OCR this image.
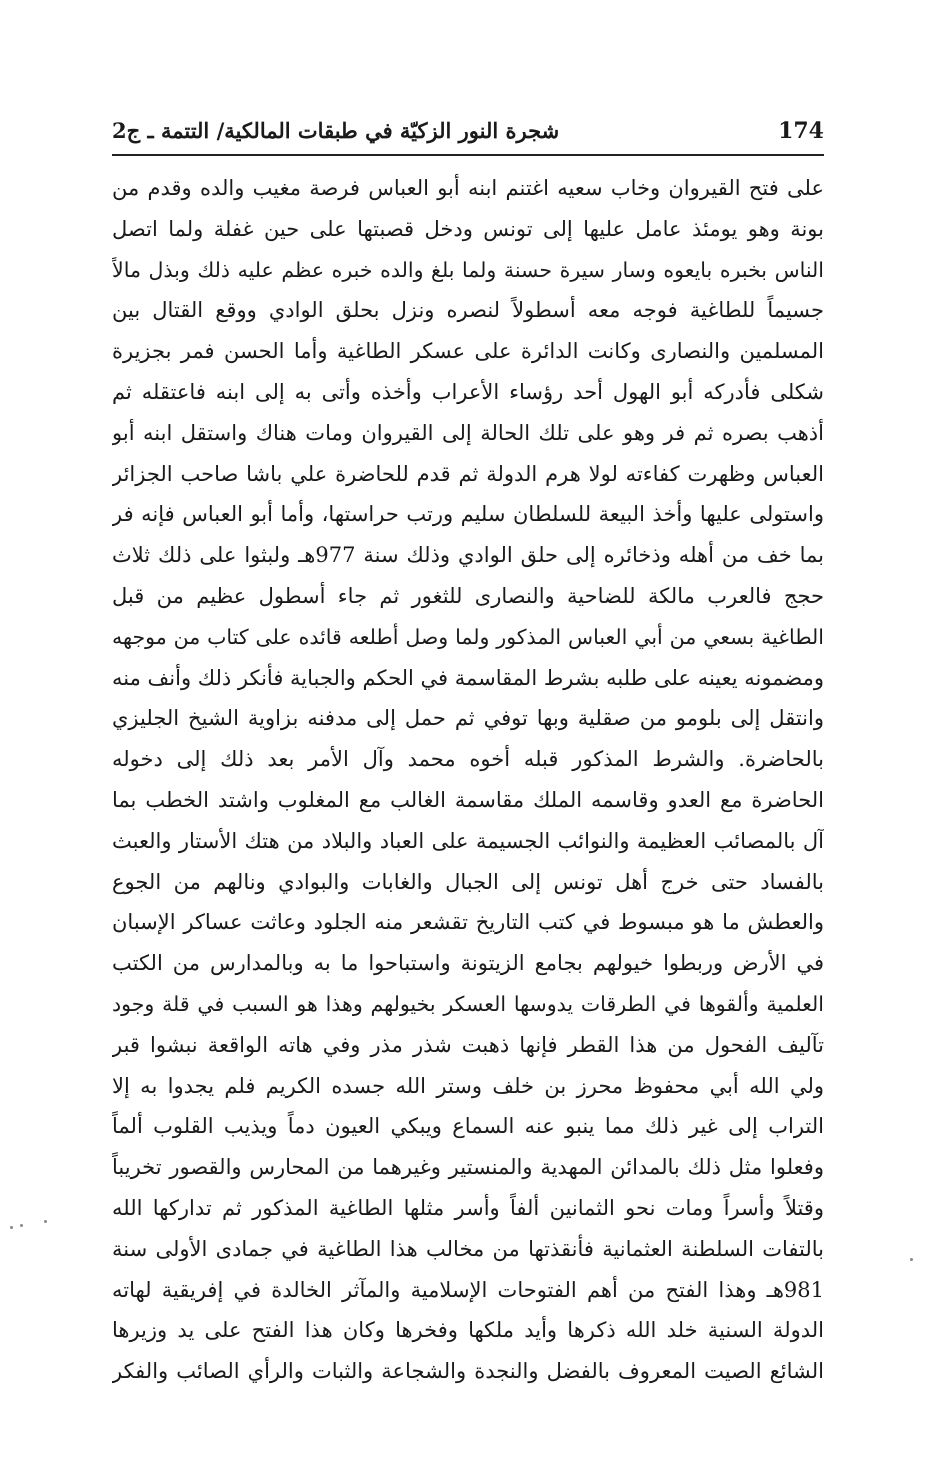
174
شجرة النور الزكيّة في طبقات المالكية/ التتمة ـ ج2
على فتح القيروان وخاب سعيه اغتنم ابنه أبو العباس فرصة مغيب والده وقدم من
بونة وهو يومئذ عامل عليها إلى تونس ودخل قصبتها على حين غفلة ولما اتصل
الناس بخبره بايعوه وسار سيرة حسنة ولما بلغ والده خبره عظم عليه ذلك وبذل مالاً
جسيماً للطاغية فوجه معه أسطولاً لنصره ونزل بحلق الوادي ووقع القتال بين
المسلمين والنصارى وكانت الدائرة على عسكر الطاغية وأما الحسن فمر بجزيرة
شكلى فأدركه أبو الهول أحد رؤساء الأعراب وأخذه وأتى به إلى ابنه فاعتقله ثم
أذهب بصره ثم فر وهو على تلك الحالة إلى القيروان ومات هناك واستقل ابنه أبو
العباس وظهرت كفاءته لولا هرم الدولة ثم قدم للحاضرة علي باشا صاحب الجزائر
واستولى عليها وأخذ البيعة للسلطان سليم ورتب حراستها، وأما أبو العباس فإنه فر
بما خف من أهله وذخائره إلى حلق الوادي وذلك سنة 977هـ ولبثوا على ذلك ثلاث
حجج فالعرب مالكة للضاحية والنصارى للثغور ثم جاء أسطول عظيم من قبل
الطاغية بسعي من أبي العباس المذكور ولما وصل أطلعه قائده على كتاب من موجهه
ومضمونه يعينه على طلبه بشرط المقاسمة في الحكم والجباية فأنكر ذلك وأنف منه
وانتقل إلى بلومو من صقلية وبها توفي ثم حمل إلى مدفنه بزاوية الشيخ الجليزي
بالحاضرة. والشرط المذكور قبله أخوه محمد وآل الأمر بعد ذلك إلى دخوله
الحاضرة مع العدو وقاسمه الملك مقاسمة الغالب مع المغلوب واشتد الخطب بما
آل بالمصائب العظيمة والنوائب الجسيمة على العباد والبلاد من هتك الأستار والعبث
بالفساد حتى خرج أهل تونس إلى الجبال والغابات والبوادي ونالهم من الجوع
والعطش ما هو مبسوط في كتب التاريخ تقشعر منه الجلود وعاثت عساكر الإسبان
في الأرض وربطوا خيولهم بجامع الزيتونة واستباحوا ما به وبالمدارس من الكتب
العلمية وألقوها في الطرقات يدوسها العسكر بخيولهم وهذا هو السبب في قلة وجود
تآليف الفحول من هذا القطر فإنها ذهبت شذر مذر وفي هاته الواقعة نبشوا قبر
ولي الله أبي محفوظ محرز بن خلف وستر الله جسده الكريم فلم يجدوا به إلا
التراب إلى غير ذلك مما ينبو عنه السماع ويبكي العيون دماً ويذيب القلوب ألماً
وفعلوا مثل ذلك بالمدائن المهدية والمنستير وغيرهما من المحارس والقصور تخريباً
وقتلاً وأسراً ومات نحو الثمانين ألفاً وأسر مثلها الطاغية المذكور ثم تداركها الله
بالتفات السلطنة العثمانية فأنقذتها من مخالب هذا الطاغية في جمادى الأولى سنة
981هـ وهذا الفتح من أهم الفتوحات الإسلامية والمآثر الخالدة في إفريقية لهاته
الدولة السنية خلد الله ذكرها وأيد ملكها وفخرها وكان هذا الفتح على يد وزيرها
الشائع الصيت المعروف بالفضل والنجدة والشجاعة والثبات والرأي الصائب والفكر
